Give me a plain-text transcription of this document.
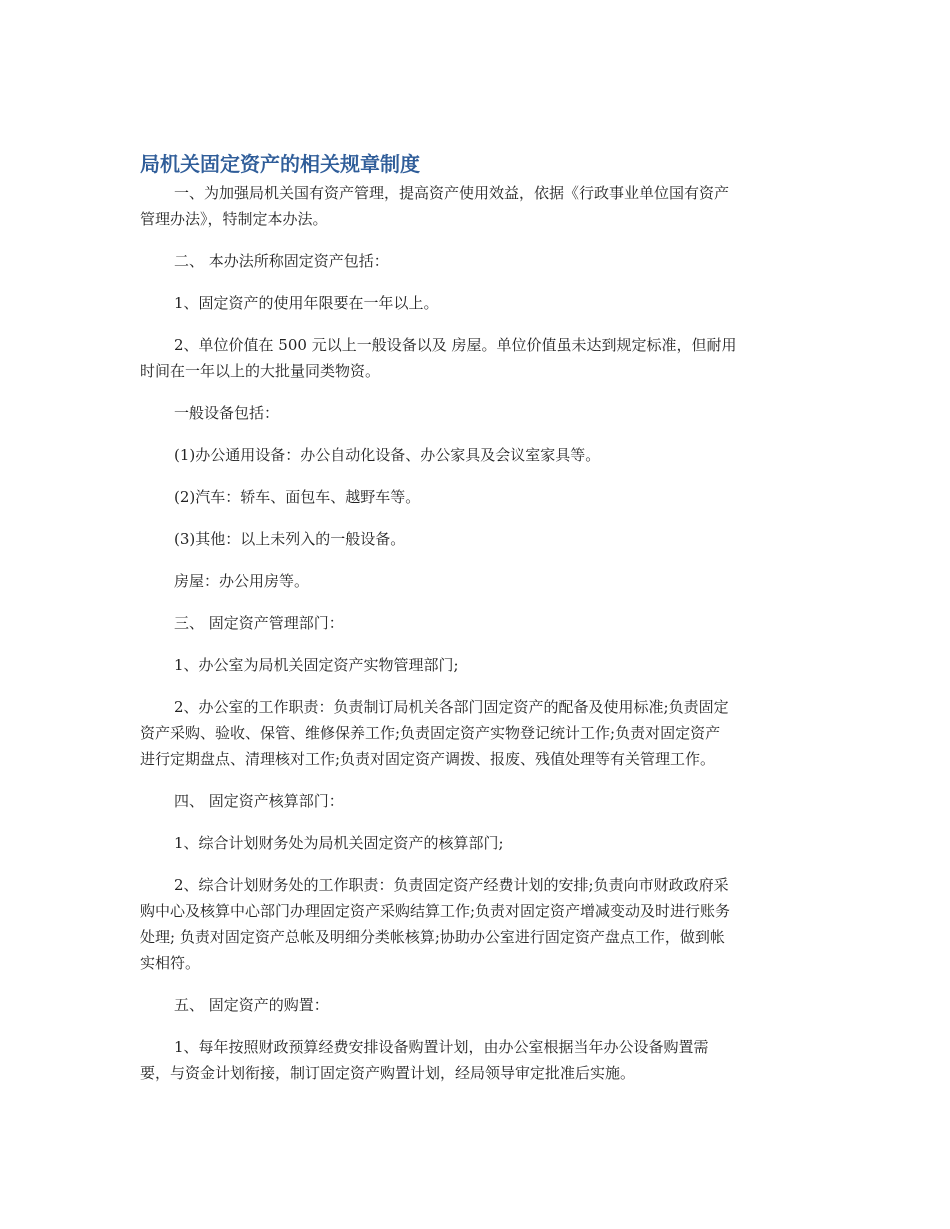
局机关固定资产的相关规章制度

一、为加强局机关国有资产管理，提高资产使用效益，依据《行政事业单位国有资产
管理办法》，特制定本办法。

二、 本办法所称固定资产包括：

1、固定资产的使用年限要在一年以上。

2、单位价值在 500 元以上一般设备以及 房屋。单位价值虽未达到规定标准，但耐用
时间在一年以上的大批量同类物资。

一般设备包括：

(1)办公通用设备：办公自动化设备、办公家具及会议室家具等。

(2)汽车：轿车、面包车、越野车等。

(3)其他：以上未列入的一般设备。

房屋：办公用房等。

三、 固定资产管理部门：

1、办公室为局机关固定资产实物管理部门;

2、办公室的工作职责：负责制订局机关各部门固定资产的配备及使用标准;负责固定
资产采购、验收、保管、维修保养工作;负责固定资产实物登记统计工作;负责对固定资产
进行定期盘点、清理核对工作;负责对固定资产调拨、报废、残值处理等有关管理工作。

四、 固定资产核算部门：

1、综合计划财务处为局机关固定资产的核算部门;

2、综合计划财务处的工作职责：负责固定资产经费计划的安排;负责向市财政政府采
购中心及核算中心部门办理固定资产采购结算工作;负责对固定资产增减变动及时进行账务
处理; 负责对固定资产总帐及明细分类帐核算;协助办公室进行固定资产盘点工作，做到帐
实相符。

五、 固定资产的购置：

1、每年按照财政预算经费安排设备购置计划，由办公室根据当年办公设备购置需
要，与资金计划衔接，制订固定资产购置计划，经局领导审定批准后实施。
